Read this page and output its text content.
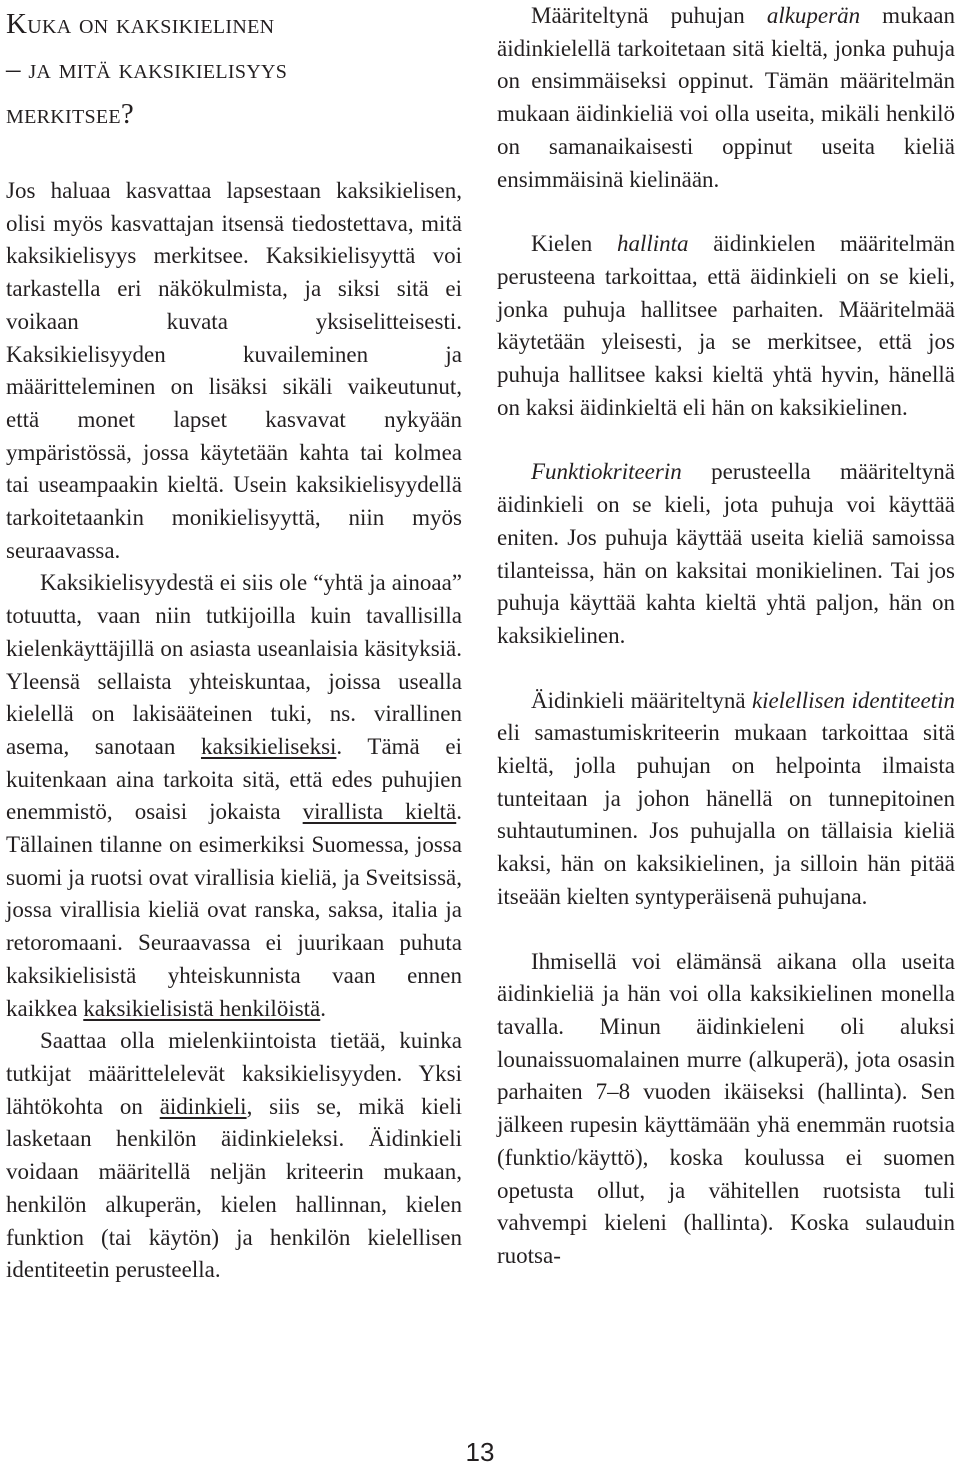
Kuka on kaksikielinen
– ja mitä kaksikielisyys
merkitsee?

Jos haluaa kasvattaa lapsestaan kaksikielisen, olisi myös kasvattajan itsensä tiedostettava, mitä kaksikielisyys merkitsee. Kaksikielisyyttä voi tarkastella eri näkökulmista, ja siksi sitä ei voikaan kuvata yksiselitteisesti. Kaksikielisyyden kuvaileminen ja määritteleminen on lisäksi sikäli vaikeutunut, että monet lapset kasvavat nykyään ympäristössä, jossa käytetään kahta tai kolmea tai useampaakin kieltä. Usein kaksikielisyydellä tarkoitetaankin monikielisyyttä, niin myös seuraavassa.

Kaksikielisyydestä ei siis ole “yhtä ja ainoaa” totuutta, vaan niin tutkijoilla kuin tavallisilla kielenkäyttäjillä on asiasta useanlaisia käsityksiä. Yleensä sellaista yhteiskuntaa, joissa usealla kielellä on lakisääteinen tuki, ns. virallinen asema, sanotaan kaksikieliseksi. Tämä ei kuitenkaan aina tarkoita sitä, että edes puhujien enemmistö, osaisi jokaista virallista kieltä. Tällainen tilanne on esimerkiksi Suomessa, jossa suomi ja ruotsi ovat virallisia kieliä, ja Sveitsissä, jossa virallisia kieliä ovat ranska, saksa, italia ja retoromaani. Seuraavassa ei juurikaan puhuta kaksikielisistä yhteiskunnista vaan ennen kaikkea kaksikielisistä henkilöistä.

Saattaa olla mielenkiintoista tietää, kuinka tutkijat määrittelelevät kaksikielisyyden. Yksi lähtökohta on äidinkieli, siis se, mikä kieli lasketaan henkilön äidinkieleksi. Äidinkieli voidaan määritellä neljän kriteerin mukaan, henkilön alkuperän, kielen hallinnan, kielen funktion (tai käytön) ja henkilön kielellisen identiteetin perusteella.

Määriteltynä puhujan alkuperän mukaan äidinkielellä tarkoitetaan sitä kieltä, jonka puhuja on ensimmäiseksi oppinut. Tämän määritelmän mukaan äidinkieliä voi olla useita, mikäli henkilö on samanaikaisesti oppinut useita kieliä ensimmäisinä kielinään.

Kielen hallinta äidinkielen määritelmän perusteena tarkoittaa, että äidinkieli on se kieli, jonka puhuja hallitsee parhaiten. Määritelmää käytetään yleisesti, ja se merkitsee, että jos puhuja hallitsee kaksi kieltä yhtä hyvin, hänellä on kaksi äidinkieltä eli hän on kaksikielinen.

Funktiokriteerin perusteella määriteltynä äidinkieli on se kieli, jota puhuja voi käyttää eniten. Jos puhuja käyttää useita kieliä samoissa tilanteissa, hän on kaksitai monikielinen. Tai jos puhuja käyttää kahta kieltä yhtä paljon, hän on kaksikielinen.

Äidinkieli määriteltynä kielellisen identiteetin eli samastumiskriteerin mukaan tarkoittaa sitä kieltä, jolla puhujan on helpointa ilmaista tunteitaan ja johon hänellä on tunnepitoinen suhtautuminen. Jos puhujalla on tällaisia kieliä kaksi, hän on kaksikielinen, ja silloin hän pitää itseään kielten syntyperäisenä puhujana.

Ihmisellä voi elämänsä aikana olla useita äidinkieliä ja hän voi olla kaksikielinen monella tavalla. Minun äidinkieleni oli aluksi lounaissuomalainen murre (alkuperä), jota osasin parhaiten 7–8 vuoden ikäiseksi (hallinta). Sen jälkeen rupesin käyttämään yhä enemmän ruotsia (funktio/käyttö), koska koulussa ei suomen opetusta ollut, ja vähitellen ruotsista tuli vahvempi kieleni (hallinta). Koska sulauduin ruotsa-

13
